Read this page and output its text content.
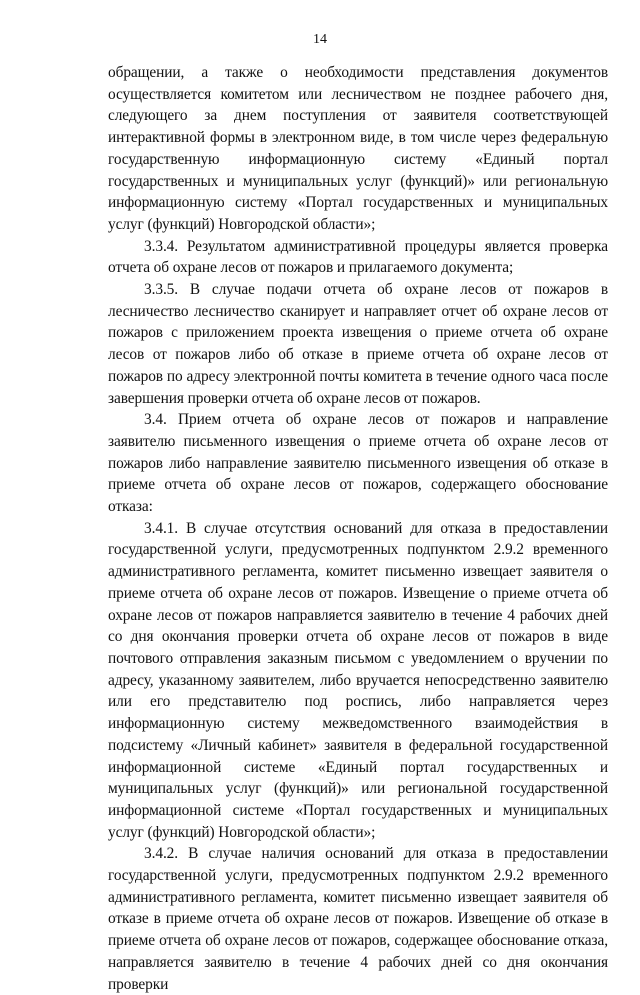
14

обращении, а также о необходимости представления документов осуществляется комитетом или лесничеством не позднее рабочего дня, следующего за днем поступления от заявителя соответствующей интерактивной формы в электронном виде, в том числе через федеральную государственную информационную систему «Единый портал государственных и муниципальных услуг (функций)» или региональную информационную систему «Портал государственных и муниципальных услуг (функций) Новгородской области»;

3.3.4. Результатом административной процедуры является проверка отчета об охране лесов от пожаров и прилагаемого документа;

3.3.5. В случае подачи отчета об охране лесов от пожаров в лесничество лесничество сканирует и направляет отчет об охране лесов от пожаров с приложением проекта извещения о приеме отчета об охране лесов от пожаров либо об отказе в приеме отчета об охране лесов от пожаров по адресу электронной почты комитета в течение одного часа после завершения проверки отчета об охране лесов от пожаров.

3.4. Прием отчета об охране лесов от пожаров и направление заявителю письменного извещения о приеме отчета об охране лесов от пожаров либо направление заявителю письменного извещения об отказе в приеме отчета об охране лесов от пожаров, содержащего обоснование отказа:

3.4.1. В случае отсутствия оснований для отказа в предоставлении государственной услуги, предусмотренных подпунктом 2.9.2 временного административного регламента, комитет письменно извещает заявителя о приеме отчета об охране лесов от пожаров. Извещение о приеме отчета об охране лесов от пожаров направляется заявителю в течение 4 рабочих дней со дня окончания проверки отчета об охране лесов от пожаров в виде почтового отправления заказным письмом с уведомлением о вручении по адресу, указанному заявителем, либо вручается непосредственно заявителю или его представителю под роспись, либо направляется через информационную систему межведомственного взаимодействия в подсистему «Личный кабинет» заявителя в федеральной государственной информационной системе «Единый портал государственных и муниципальных услуг (функций)» или региональной государственной информационной системе «Портал государственных и муниципальных услуг (функций) Новгородской области»;

3.4.2. В случае наличия оснований для отказа в предоставлении государственной услуги, предусмотренных подпунктом 2.9.2 временного административного регламента, комитет письменно извещает заявителя об отказе в приеме отчета об охране лесов от пожаров. Извещение об отказе в приеме отчета об охране лесов от пожаров, содержащее обоснование отказа, направляется заявителю в течение 4 рабочих дней со дня окончания проверки
